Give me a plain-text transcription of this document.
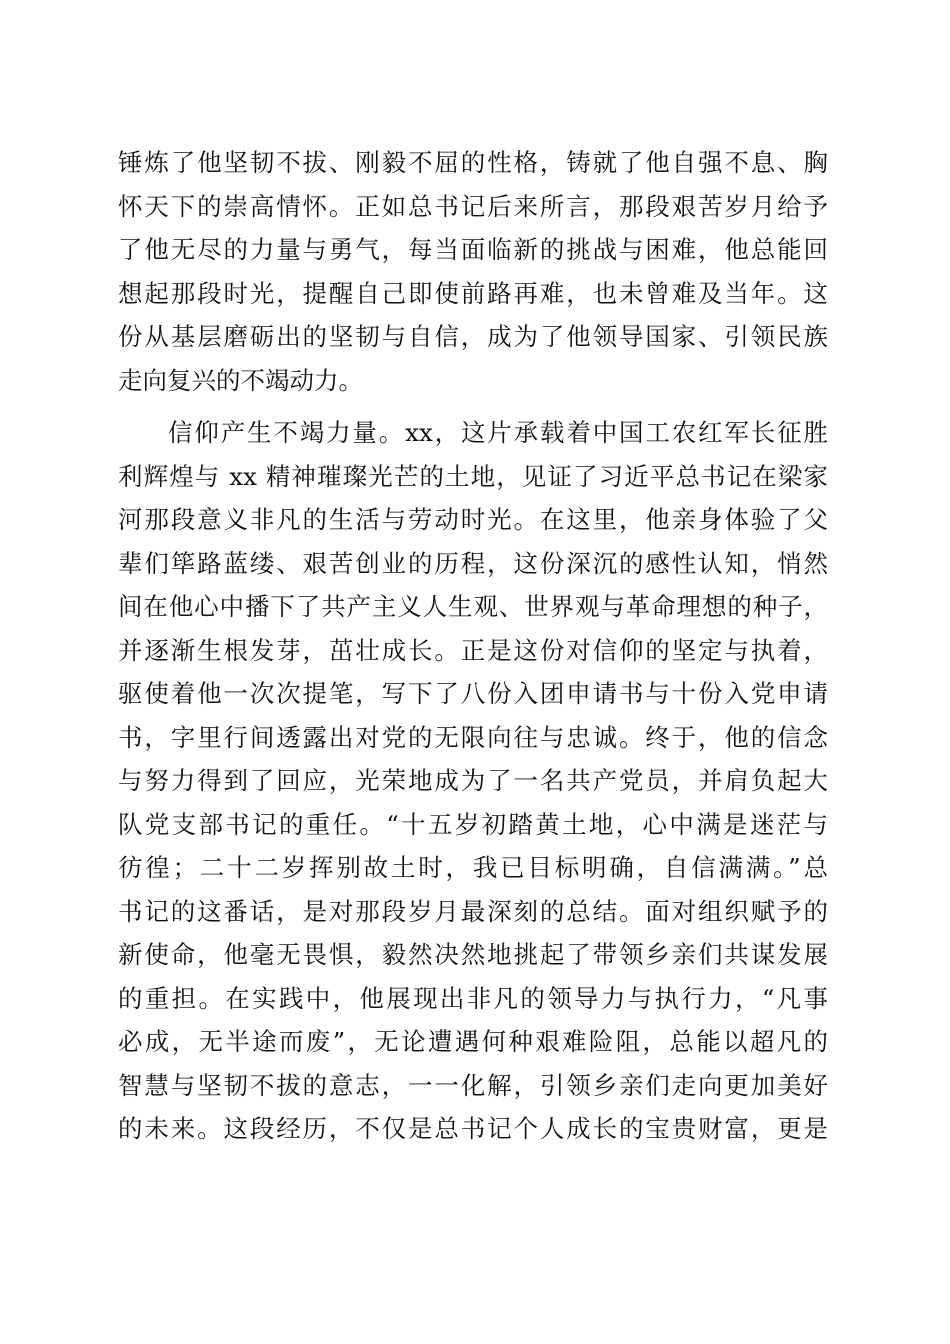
锤炼了他坚韧不拔、刚毅不屈的性格，铸就了他自强不息、胸
怀天下的崇高情怀。正如总书记后来所言，那段艰苦岁月给予
了他无尽的力量与勇气，每当面临新的挑战与困难，他总能回
想起那段时光，提醒自己即使前路再难，也未曾难及当年。这
份从基层磨砺出的坚韧与自信，成为了他领导国家、引领民族
走向复兴的不竭动力。
信仰产生不竭力量。xx，这片承载着中国工农红军长征胜
利辉煌与 xx 精神璀璨光芒的土地，见证了习近平总书记在梁家
河那段意义非凡的生活与劳动时光。在这里，他亲身体验了父
辈们筚路蓝缕、艰苦创业的历程，这份深沉的感性认知，悄然
间在他心中播下了共产主义人生观、世界观与革命理想的种子，
并逐渐生根发芽，茁壮成长。正是这份对信仰的坚定与执着，
驱使着他一次次提笔，写下了八份入团申请书与十份入党申请
书，字里行间透露出对党的无限向往与忠诚。终于，他的信念
与努力得到了回应，光荣地成为了一名共产党员，并肩负起大
队党支部书记的重任。“十五岁初踏黄土地，心中满是迷茫与
彷徨；二十二岁挥别故土时，我已目标明确，自信满满。”总
书记的这番话，是对那段岁月最深刻的总结。面对组织赋予的
新使命，他毫无畏惧，毅然决然地挑起了带领乡亲们共谋发展
的重担。在实践中，他展现出非凡的领导力与执行力，“凡事
必成，无半途而废”，无论遭遇何种艰难险阻，总能以超凡的
智慧与坚韧不拔的意志，一一化解，引领乡亲们走向更加美好
的未来。这段经历，不仅是总书记个人成长的宝贵财富，更是
